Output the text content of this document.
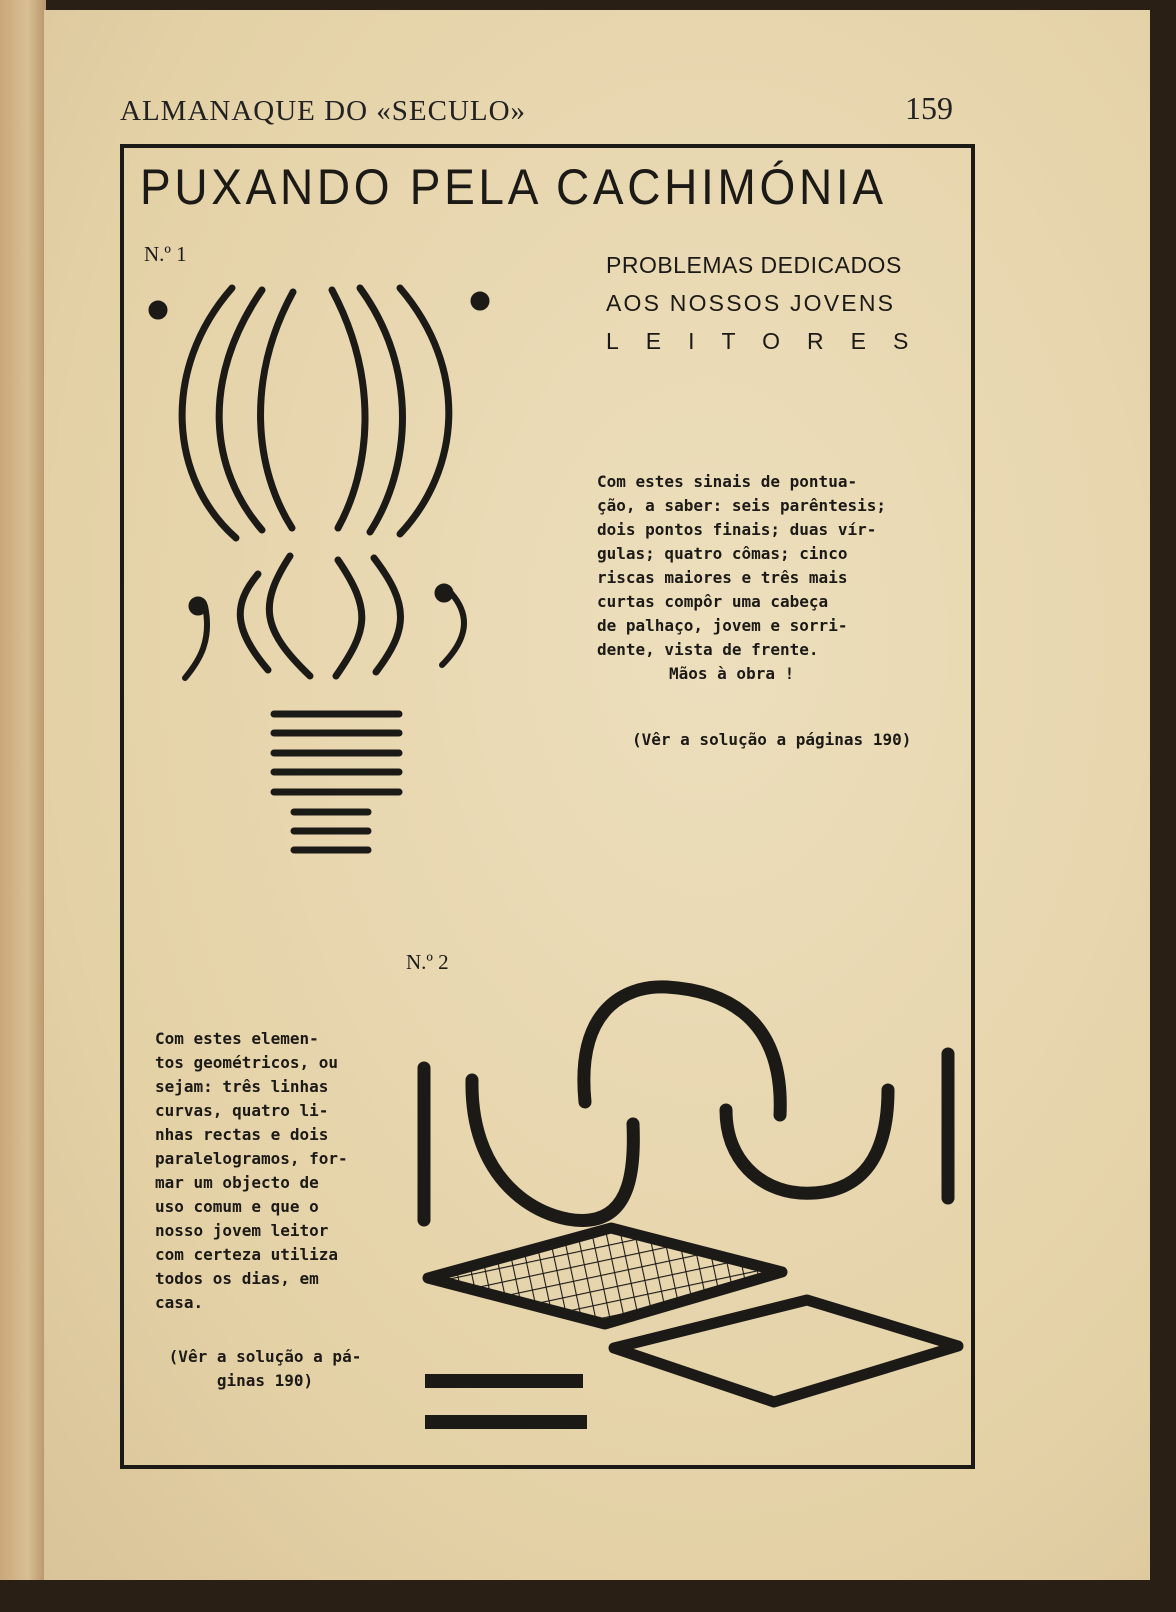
ALMANAQUE DO «SECULO»	159
PUXANDO PELA CACHIMÓNIA
N.º 1	PROBLEMAS DEDICADOS
AOS NOSSOS JOVENS
LEITORES
Com estes sinais de pontua-
ção, a saber: seis parêntesis;
dois pontos finais; duas vír-
gulas; quatro cômas; cinco
riscas maiores e três mais
curtas compôr uma cabeça
de palhaço, jovem e sorri-
dente, vista de frente.
Mãos à obra !
(Vêr a solução a páginas 190)
N.º 2
Com estes elemen-
tos geométricos, ou
sejam: três linhas
curvas, quatro li-
nhas rectas e dois
paralelogramos, for-
mar um objecto de
uso comum e que o
nosso jovem leitor
com certeza utiliza
todos os dias, em
casa.
(Vêr a solução a pá-
ginas 190)
